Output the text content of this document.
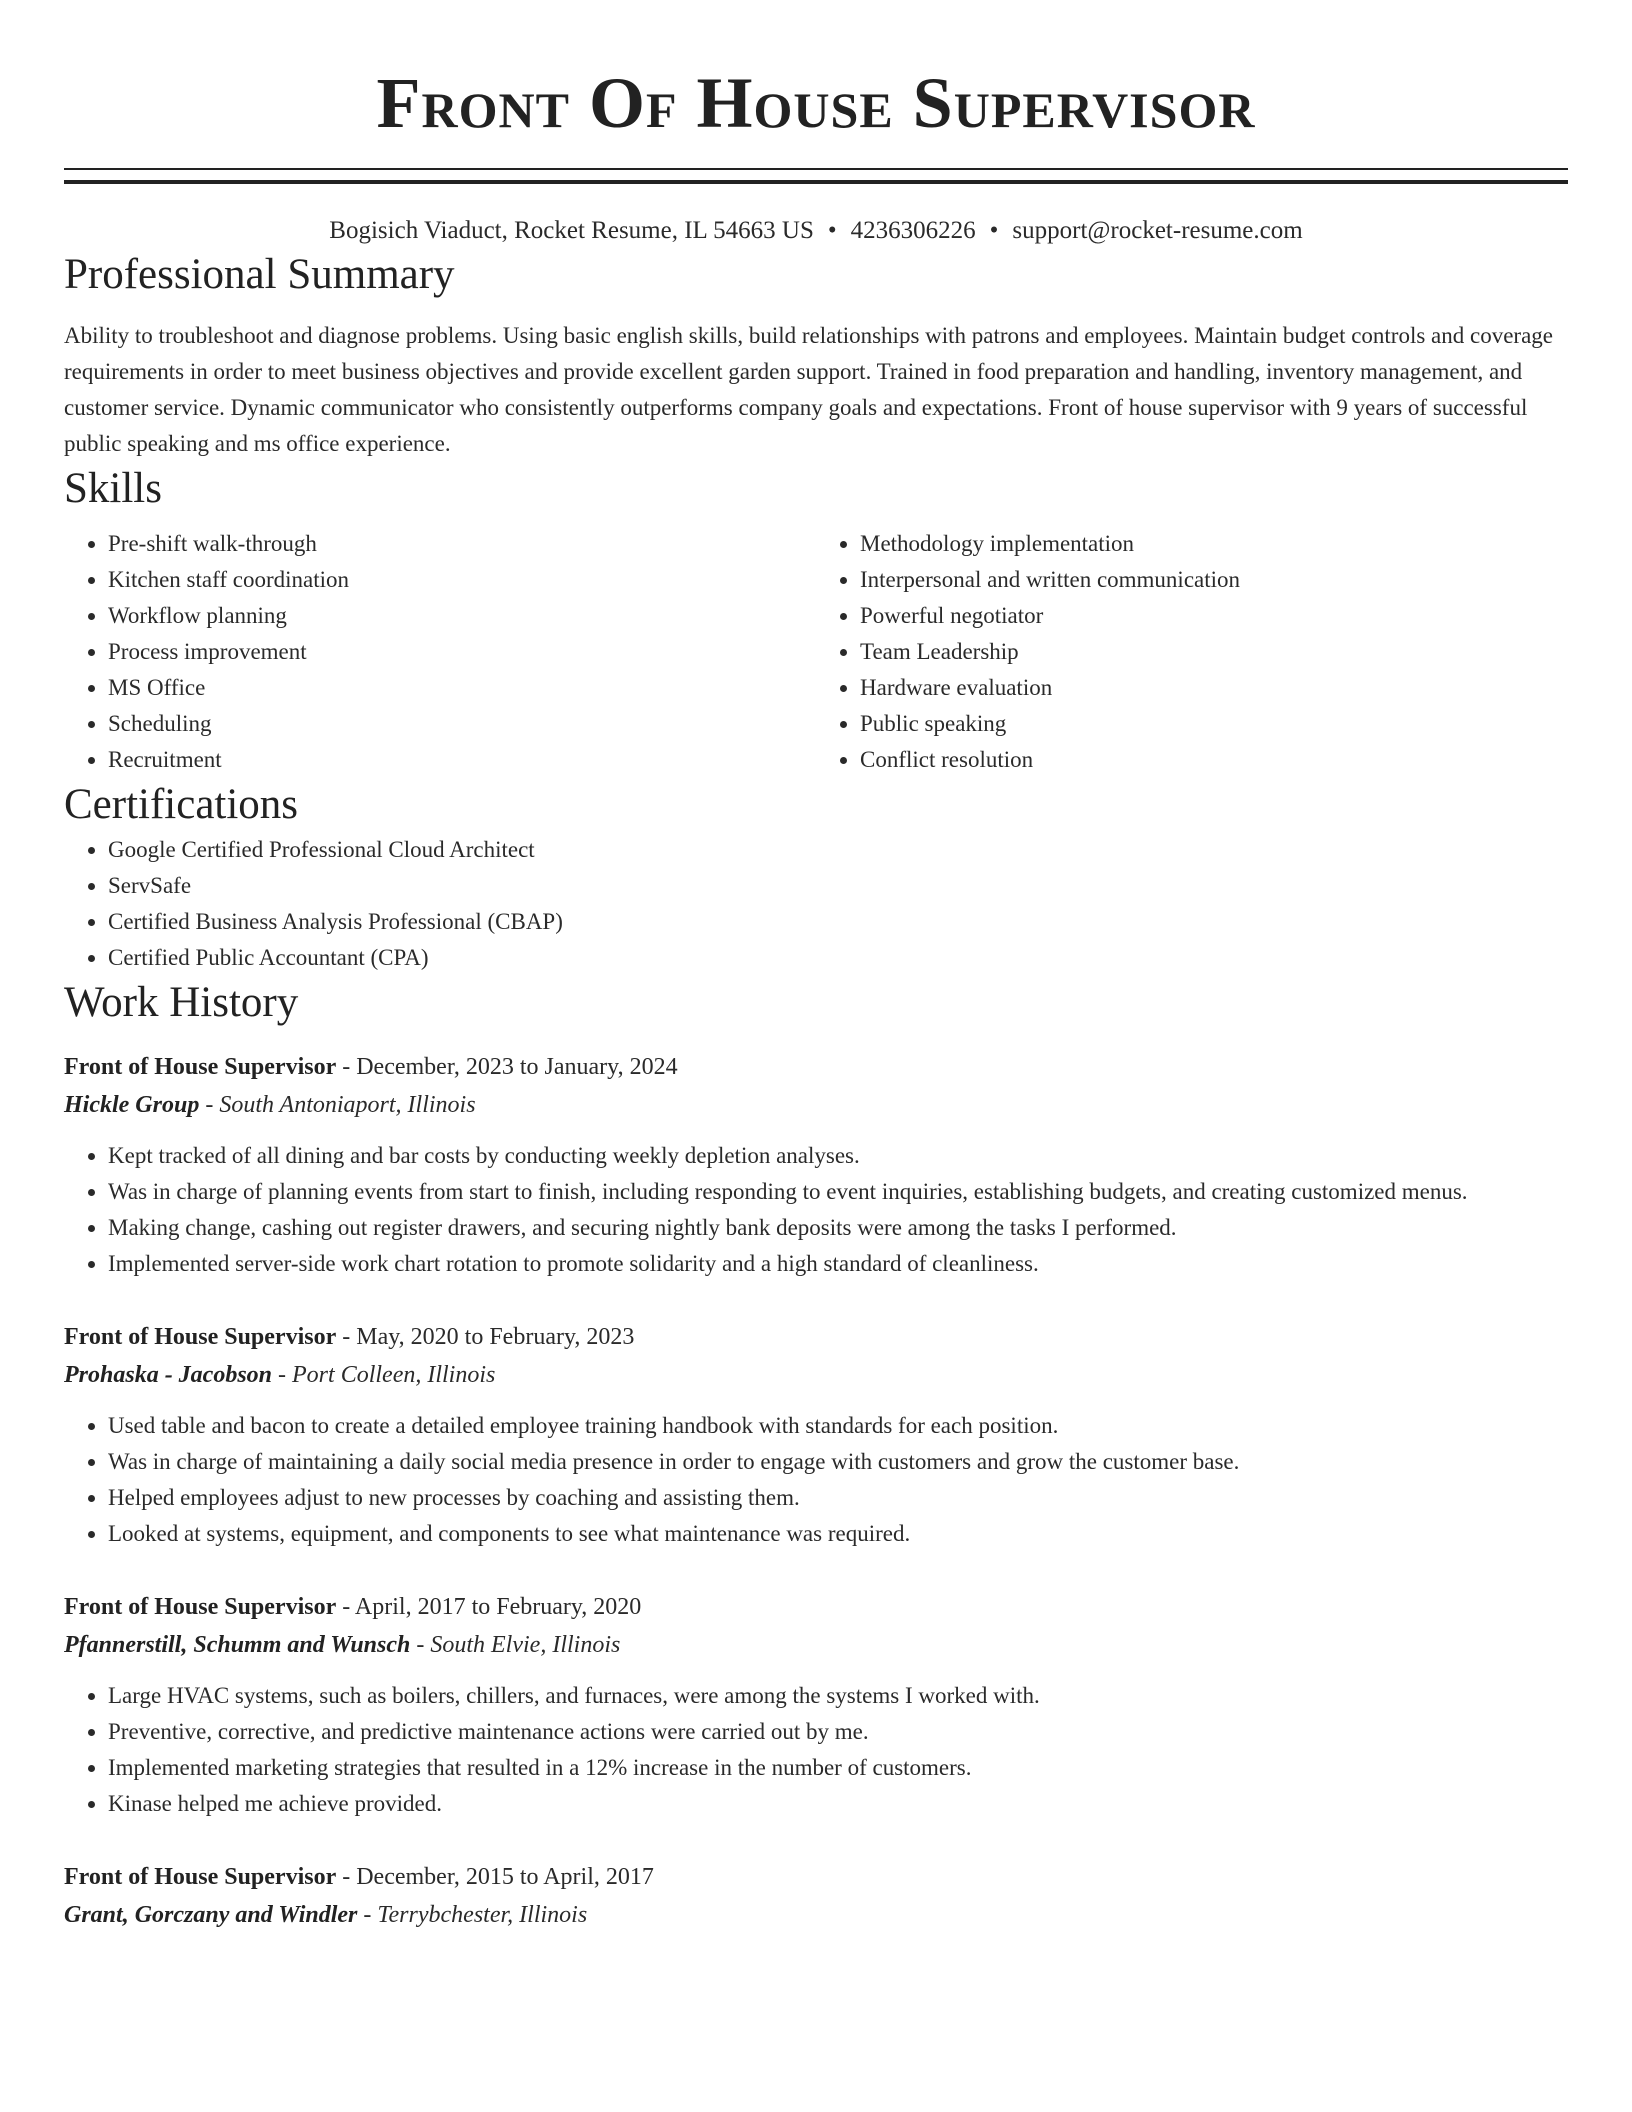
Front Of House Supervisor
Bogisich Viaduct, Rocket Resume, IL 54663 US • 4236306226 • support@rocket-resume.com
Professional Summary
Ability to troubleshoot and diagnose problems. Using basic english skills, build relationships with patrons and employees. Maintain budget controls and coverage requirements in order to meet business objectives and provide excellent garden support. Trained in food preparation and handling, inventory management, and customer service. Dynamic communicator who consistently outperforms company goals and expectations. Front of house supervisor with 9 years of successful public speaking and ms office experience.
Skills
• Pre-shift walk-through
• Kitchen staff coordination
• Workflow planning
• Process improvement
• MS Office
• Scheduling
• Recruitment
• Methodology implementation
• Interpersonal and written communication
• Powerful negotiator
• Team Leadership
• Hardware evaluation
• Public speaking
• Conflict resolution
Certifications
• Google Certified Professional Cloud Architect
• ServSafe
• Certified Business Analysis Professional (CBAP)
• Certified Public Accountant (CPA)
Work History
Front of House Supervisor - December, 2023 to January, 2024
Hickle Group - South Antoniaport, Illinois
• Kept tracked of all dining and bar costs by conducting weekly depletion analyses.
• Was in charge of planning events from start to finish, including responding to event inquiries, establishing budgets, and creating customized menus.
• Making change, cashing out register drawers, and securing nightly bank deposits were among the tasks I performed.
• Implemented server-side work chart rotation to promote solidarity and a high standard of cleanliness.
Front of House Supervisor - May, 2020 to February, 2023
Prohaska - Jacobson - Port Colleen, Illinois
• Used table and bacon to create a detailed employee training handbook with standards for each position.
• Was in charge of maintaining a daily social media presence in order to engage with customers and grow the customer base.
• Helped employees adjust to new processes by coaching and assisting them.
• Looked at systems, equipment, and components to see what maintenance was required.
Front of House Supervisor - April, 2017 to February, 2020
Pfannerstill, Schumm and Wunsch - South Elvie, Illinois
• Large HVAC systems, such as boilers, chillers, and furnaces, were among the systems I worked with.
• Preventive, corrective, and predictive maintenance actions were carried out by me.
• Implemented marketing strategies that resulted in a 12% increase in the number of customers.
• Kinase helped me achieve provided.
Front of House Supervisor - December, 2015 to April, 2017
Grant, Gorczany and Windler - Terrybchester, Illinois
